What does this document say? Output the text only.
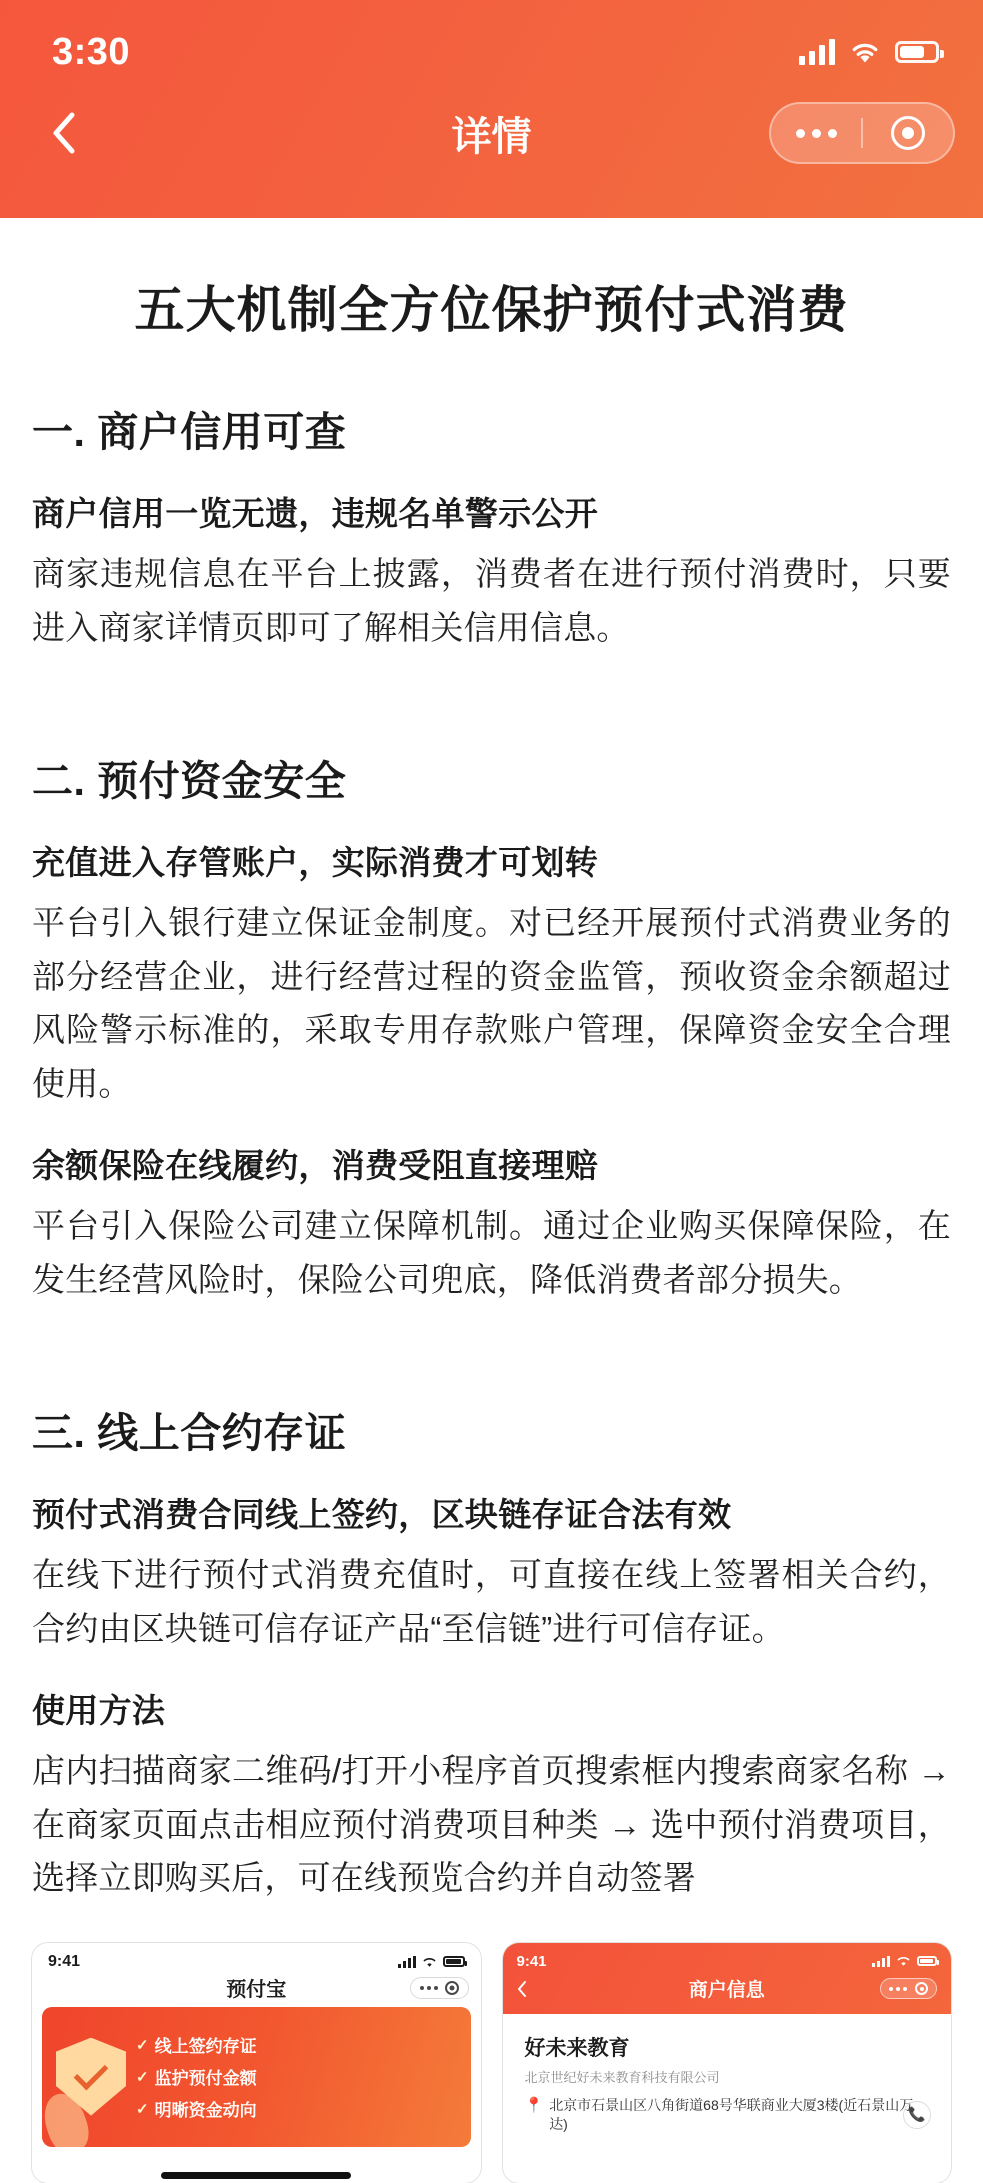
3:30
详情
五大机制全方位保护预付式消费
一. 商户信用可查
商户信用一览无遗，违规名单警示公开
商家违规信息在平台上披露，消费者在进行预付消费时，只要进入商家详情页即可了解相关信用信息。
二. 预付资金安全
充值进入存管账户，实际消费才可划转
平台引入银行建立保证金制度。对已经开展预付式消费业务的部分经营企业，进行经营过程的资金监管，预收资金余额超过风险警示标准的，采取专用存款账户管理，保障资金安全合理使用。
余额保险在线履约，消费受阻直接理赔
平台引入保险公司建立保障机制。通过企业购买保障保险，在发生经营风险时，保险公司兜底，降低消费者部分损失。
三. 线上合约存证
预付式消费合同线上签约，区块链存证合法有效
在线下进行预付式消费充值时，可直接在线上签署相关合约，合约由区块链可信存证产品“至信链”进行可信存证。
使用方法
店内扫描商家二维码/打开小程序首页搜索框内搜索商家名称 → 在商家页面点击相应预付消费项目种类 → 选中预付消费项目，选择立即购买后，可在线预览合约并自动签署
9:41
预付宝
✓ 线上签约存证
✓ 监护预付金额
✓ 明晰资金动向
9:41
商户信息
好未来教育
北京世纪好未来教育科技有限公司
📍 北京市石景山区八角街道68号华联商业大厦3楼(近石景山万达)
📞
